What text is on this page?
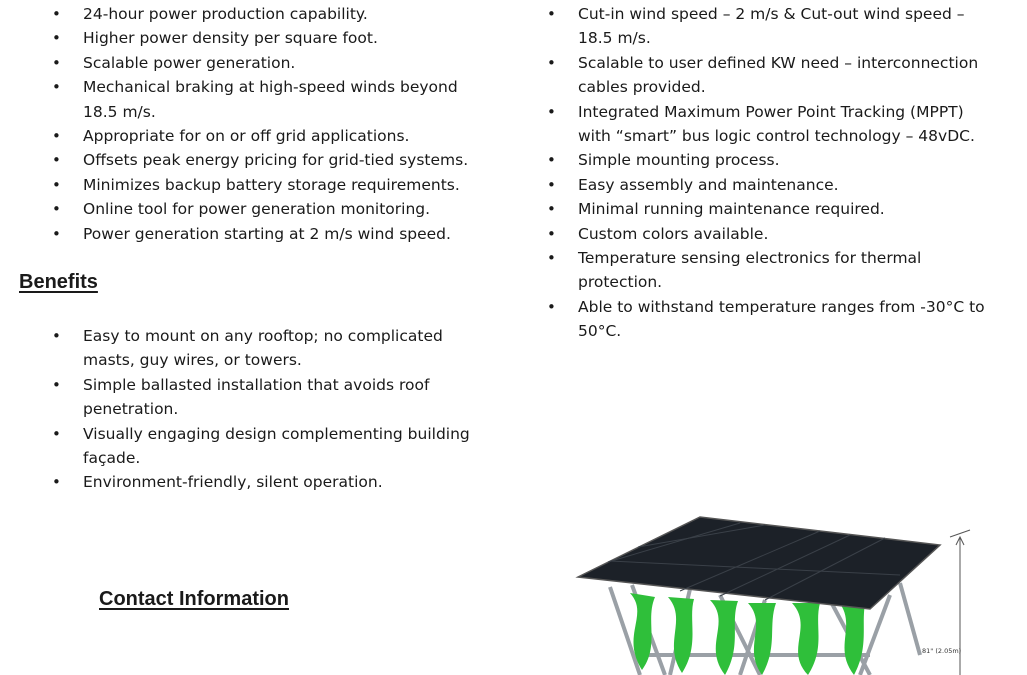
• 24-hour power production capability.
• Higher power density per square foot.
• Scalable power generation.
• Mechanical braking at high-speed winds beyond 18.5 m/s.
• Appropriate for on or off grid applications.
• Offsets peak energy pricing for grid-tied systems.
• Minimizes backup battery storage requirements.
• Online tool for power generation monitoring.
• Power generation starting at 2 m/s wind speed.
• Cut-in wind speed – 2 m/s & Cut-out wind speed – 18.5 m/s.
• Scalable to user defined KW need – interconnection cables provided.
• Integrated Maximum Power Point Tracking (MPPT) with “smart” bus logic control technology – 48vDC.
• Simple mounting process.
• Easy assembly and maintenance.
• Minimal running maintenance required.
• Custom colors available.
• Temperature sensing electronics for thermal protection.
• Able to withstand temperature ranges from -30°C to 50°C.
Benefits
• Easy to mount on any rooftop; no complicated masts, guy wires, or towers.
• Simple ballasted installation that avoids roof penetration.
• Visually engaging design complementing building façade.
• Environment-friendly, silent operation.
Contact Information
81" (2.05m)
